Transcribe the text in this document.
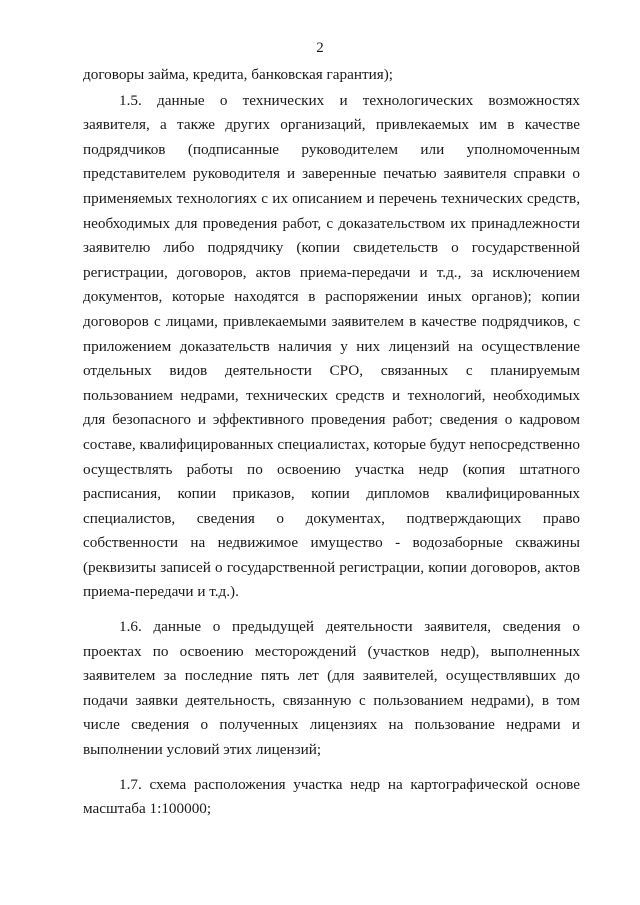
2

договоры займа, кредита, банковская гарантия);

1.5. данные о технических и технологических возможностях заявителя, а также других организаций, привлекаемых им в качестве подрядчиков (подписанные руководителем или уполномоченным представителем руководителя и заверенные печатью заявителя справки о применяемых технологиях с их описанием и перечень технических средств, необходимых для проведения работ, с доказательством их принадлежности заявителю либо подрядчику (копии свидетельств о государственной регистрации, договоров, актов приема-передачи и т.д., за исключением документов, которые находятся в распоряжении иных органов); копии договоров с лицами, привлекаемыми заявителем в качестве подрядчиков, с приложением доказательств наличия у них лицензий на осуществление отдельных видов деятельности СРО, связанных с планируемым пользованием недрами, технических средств и технологий, необходимых для безопасного и эффективного проведения работ; сведения о кадровом составе, квалифицированных специалистах, которые будут непосредственно осуществлять работы по освоению участка недр (копия штатного расписания, копии приказов, копии дипломов квалифицированных специалистов, сведения о документах, подтверждающих право собственности на недвижимое имущество - водозаборные скважины (реквизиты записей о государственной регистрации, копии договоров, актов приема-передачи и т.д.).

1.6. данные о предыдущей деятельности заявителя, сведения о проектах по освоению месторождений (участков недр), выполненных заявителем за последние пять лет (для заявителей, осуществлявших до подачи заявки деятельность, связанную с пользованием недрами), в том числе сведения о полученных лицензиях на пользование недрами и выполнении условий этих лицензий;

1.7. схема расположения участка недр на картографической основе масштаба 1:100000;
